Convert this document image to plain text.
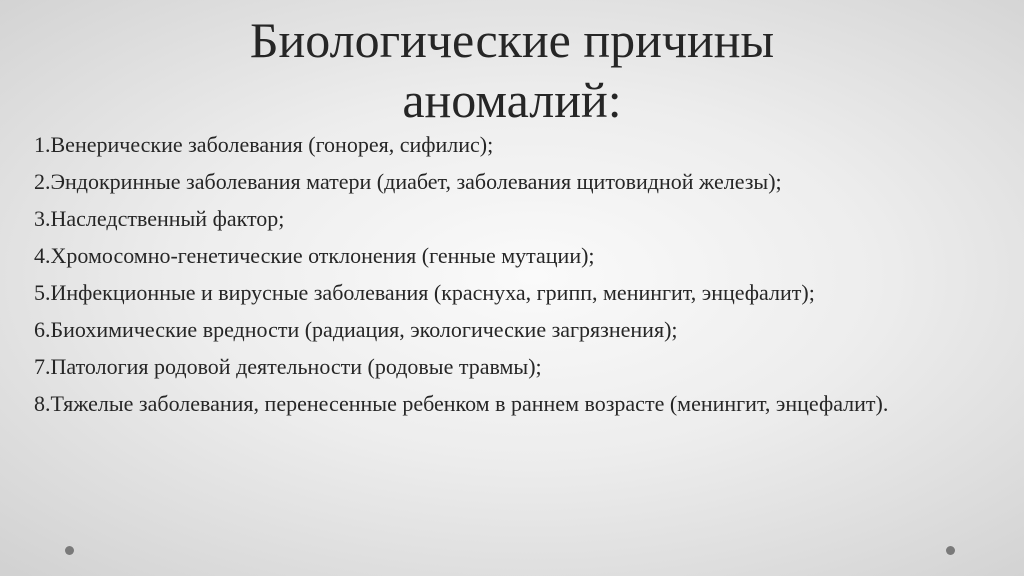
Биологические причины
аномалий:
1.Венерические заболевания (гонорея, сифилис);
2.Эндокринные заболевания матери (диабет, заболевания щитовидной железы);
3.Наследственный фактор;
4.Хромосомно-генетические отклонения (генные мутации);
5.Инфекционные и вирусные заболевания (краснуха, грипп, менингит, энцефалит);
6.Биохимические вредности (радиация, экологические загрязнения);
7.Патология родовой деятельности (родовые травмы);
8.Тяжелые заболевания, перенесенные ребенком в раннем возрасте (менингит, энцефалит).
